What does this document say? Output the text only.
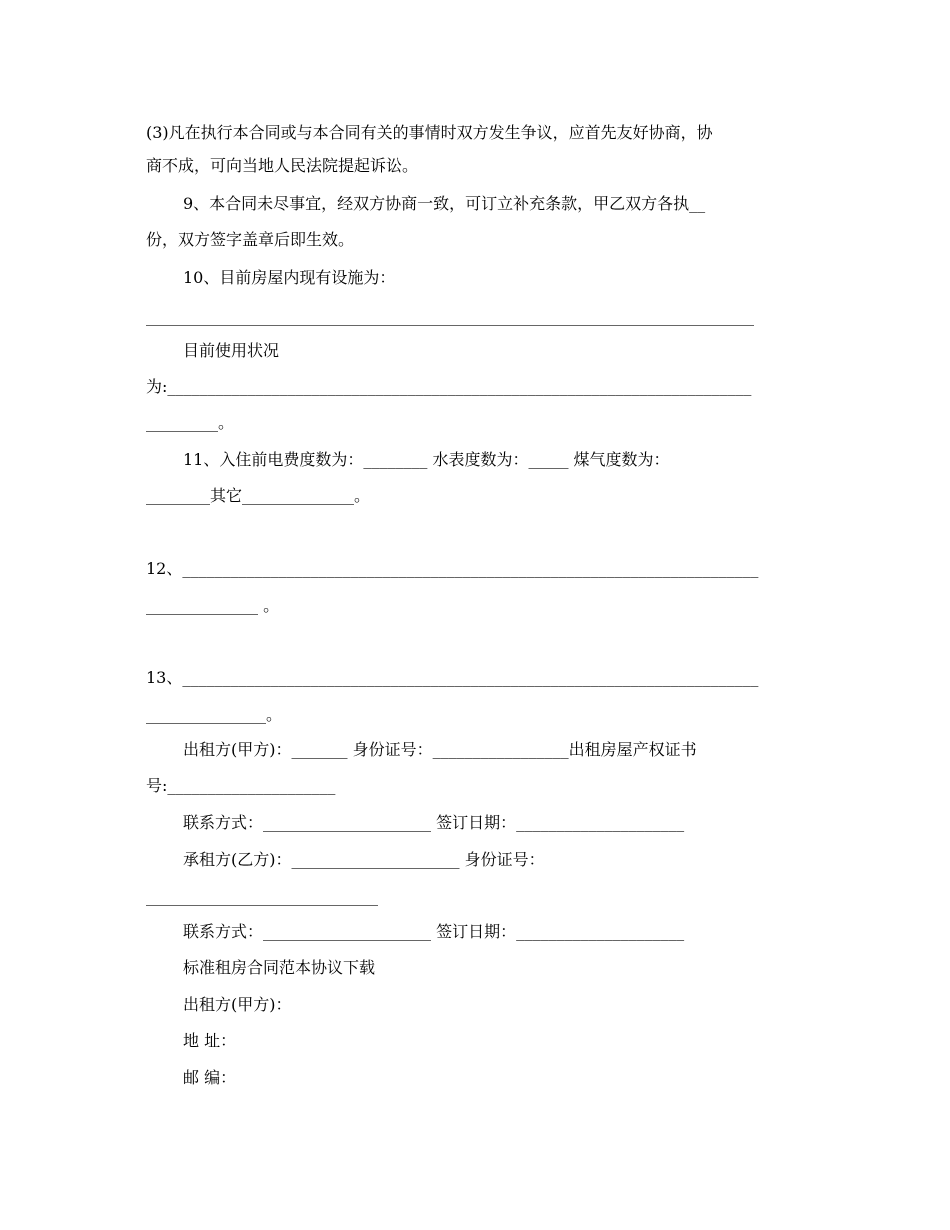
(3)凡在执行本合同或与本合同有关的事情时双方发生争议，应首先友好协商，协
商不成，可向当地人民法院提起诉讼。
9、本合同未尽事宜，经双方协商一致，可订立补充条款，甲乙双方各执__
份，双方签字盖章后即生效。
10、目前房屋内现有设施为：
____________________________________________________________________________
目前使用状况
为:_________________________________________________________________________
_________。
11、入住前电费度数为：________ 水表度数为：_____ 煤气度数为：
________其它______________。
12、________________________________________________________________________
______________ 。
13、________________________________________________________________________
_______________。
出租方(甲方)：_______ 身份证号：_________________出租房屋产权证书
号:_____________________
联系方式：_____________________ 签订日期：_____________________
承租方(乙方)：_____________________ 身份证号：
_____________________________
联系方式：_____________________ 签订日期：_____________________
标准租房合同范本协议下载
出租方(甲方)：
地 址：
邮 编：
